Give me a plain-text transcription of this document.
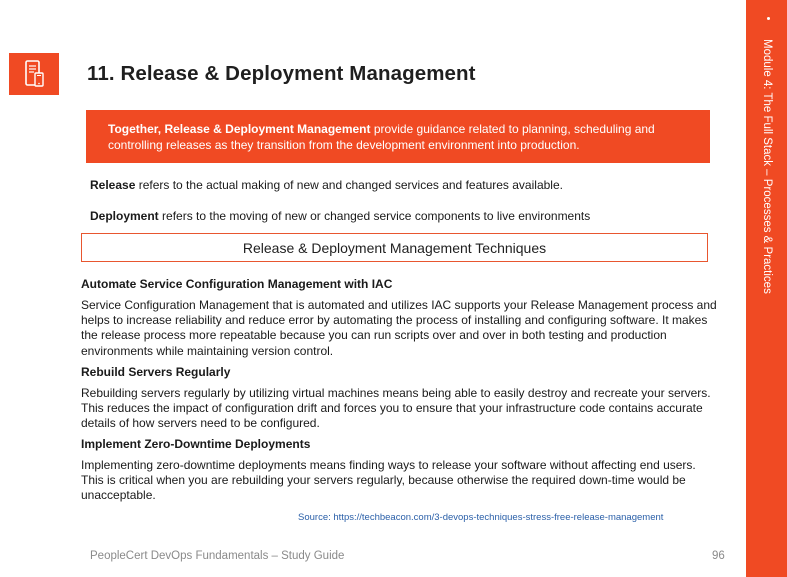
11. Release & Deployment Management
Together, Release & Deployment Management provide guidance related to planning, scheduling and controlling releases as they transition from the development environment into production.

Release refers to the actual making of new and changed services and features available.

Deployment refers to the moving of new or changed service components to live environments

Release & Deployment Management Techniques
Automate Service Configuration Management with IAC

Service Configuration Management that is automated and utilizes IAC supports your Release Management process and helps to increase reliability and reduce error by automating the process of installing and configuring software. It makes the release process more repeatable because you can run scripts over and over in both testing and production environments while maintaining version control.

Rebuild Servers Regularly

Rebuilding servers regularly by utilizing virtual machines means being able to easily destroy and recreate your servers. This reduces the impact of configuration drift and forces you to ensure that your infrastructure code contains accurate details of how servers need to be configured.

Implement Zero-Downtime Deployments

Implementing zero-downtime deployments means finding ways to release your software without affecting end users. This is critical when you are rebuilding your servers regularly, because otherwise the required down-time would be unacceptable.

Source: https://techbeacon.com/3-devops-techniques-stress-free-release-management

PeopleCert DevOps Fundamentals – Study Guide	96

Module 4: The Full Stack – Processes & Practices
